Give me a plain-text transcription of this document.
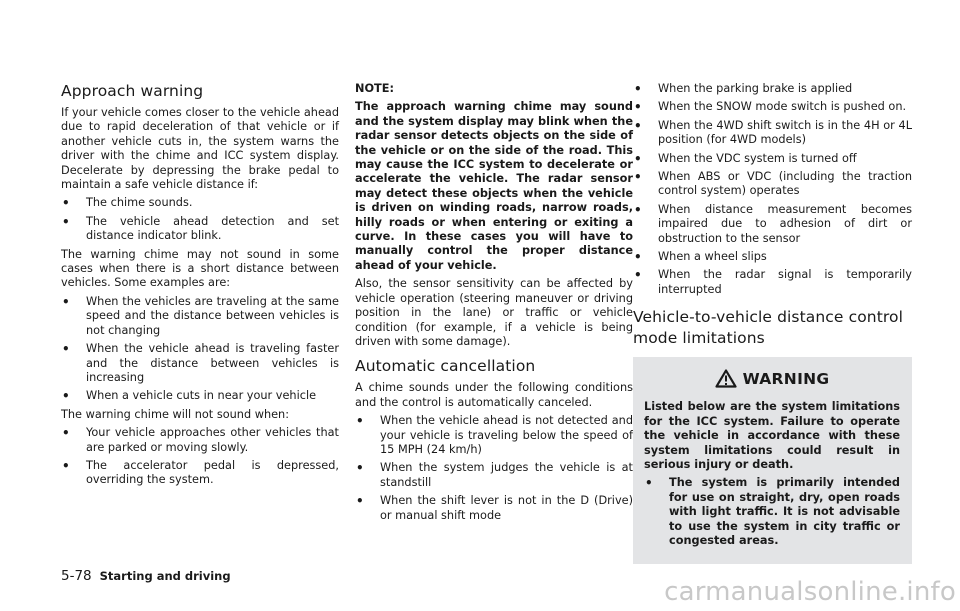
Approach warning

If your vehicle comes closer to the vehicle ahead due to rapid deceleration of that vehicle or if another vehicle cuts in, the system warns the driver with the chime and ICC system display. Decelerate by depressing the brake pedal to maintain a safe vehicle distance if:

• The chime sounds.
• The vehicle ahead detection and set distance indicator blink.

The warning chime may not sound in some cases when there is a short distance between vehicles. Some examples are:

• When the vehicles are traveling at the same speed and the distance between vehicles is not changing
• When the vehicle ahead is traveling faster and the distance between vehicles is increasing
• When a vehicle cuts in near your vehicle

The warning chime will not sound when:

• Your vehicle approaches other vehicles that are parked or moving slowly.
• The accelerator pedal is depressed, overriding the system.

NOTE:

The approach warning chime may sound and the system display may blink when the radar sensor detects objects on the side of the vehicle or on the side of the road. This may cause the ICC system to decelerate or accelerate the vehicle. The radar sensor may detect these objects when the vehicle is driven on winding roads, narrow roads, hilly roads or when entering or exiting a curve. In these cases you will have to manually control the proper distance ahead of your vehicle.

Also, the sensor sensitivity can be affected by vehicle operation (steering maneuver or driving position in the lane) or traffic or vehicle condition (for example, if a vehicle is being driven with some damage).

Automatic cancellation

A chime sounds under the following conditions and the control is automatically canceled.

• When the vehicle ahead is not detected and your vehicle is traveling below the speed of 15 MPH (24 km/h)
• When the system judges the vehicle is at standstill
• When the shift lever is not in the D (Drive) or manual shift mode
• When the parking brake is applied
• When the SNOW mode switch is pushed on.
• When the 4WD shift switch is in the 4H or 4L position (for 4WD models)
• When the VDC system is turned off
• When ABS or VDC (including the traction control system) operates
• When distance measurement becomes impaired due to adhesion of dirt or obstruction to the sensor
• When a wheel slips
• When the radar signal is temporarily interrupted
Vehicle-to-vehicle distance control mode limitations
WARNING

Listed below are the system limitations for the ICC system. Failure to operate the vehicle in accordance with these system limitations could result in serious injury or death.

• The system is primarily intended for use on straight, dry, open roads with light traffic. It is not advisable to use the system in city traffic or congested areas.
5-78 Starting and driving
carmanualsonline.info
